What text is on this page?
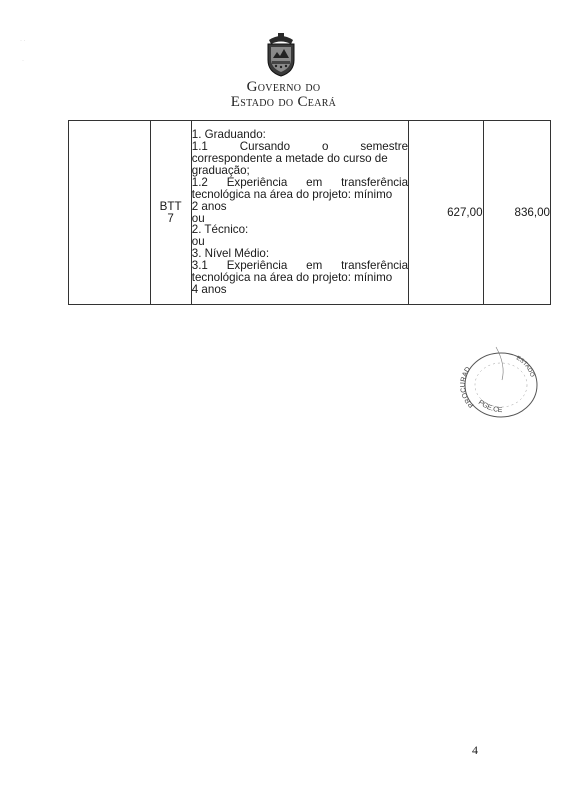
· ·
·
GOVERNO DO
ESTADO DO CEARÁ

BTT
7

1. Graduando:
1.1	Cursando	o	semestre
correspondente a metade do curso de
graduação;
1.2 Experiência em transferência
tecnológica na área do projeto: mínimo
2 anos
ou
2. Técnico:
ou
3. Nível Médio:
3.1 Experiência em transferência
tecnológica na área do projeto: mínimo
4 anos
	627,00	836,00
PROCURAD
PGE.CE
ESTADO
4
